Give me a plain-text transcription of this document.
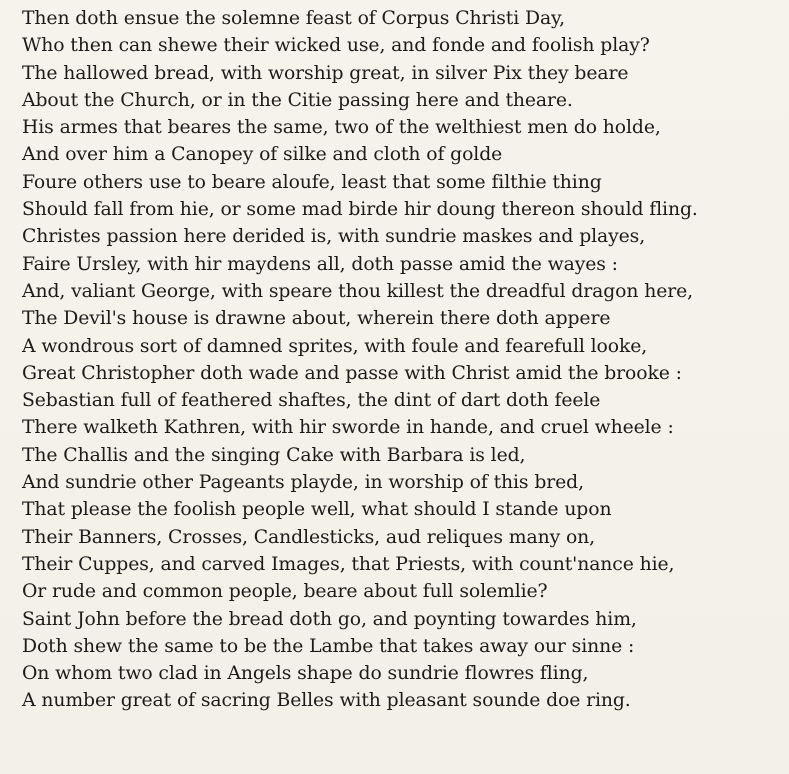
Then doth ensue the solemne feast of Corpus Christi Day,
Who then can shewe their wicked use, and fonde and foolish play?
The hallowed bread, with worship great, in silver Pix they beare
About the Church, or in the Citie passing here and theare.
His armes that beares the same, two of the welthiest men do holde,
And over him a Canopey of silke and cloth of golde
Foure others use to beare aloufe, least that some filthie thing
Should fall from hie, or some mad birde hir doung thereon should fling.
Christes passion here derided is, with sundrie maskes and playes,
Faire Ursley, with hir maydens all, doth passe amid the wayes :
And, valiant George, with speare thou killest the dreadful dragon here,
The Devil's house is drawne about, wherein there doth appere
A wondrous sort of damned sprites, with foule and fearefull looke,
Great Christopher doth wade and passe with Christ amid the brooke :
Sebastian full of feathered shaftes, the dint of dart doth feele
There walketh Kathren, with hir sworde in hande, and cruel wheele :
The Challis and the singing Cake with Barbara is led,
And sundrie other Pageants playde, in worship of this bred,
That please the foolish people well, what should I stande upon
Their Banners, Crosses, Candlesticks, aud reliques many on,
Their Cuppes, and carved Images, that Priests, with count'nance hie,
Or rude and common people, beare about full solemlie?
Saint John before the bread doth go, and poynting towardes him,
Doth shew the same to be the Lambe that takes away our sinne :
On whom two clad in Angels shape do sundrie flowres fling,
A number great of sacring Belles with pleasant sounde doe ring.
